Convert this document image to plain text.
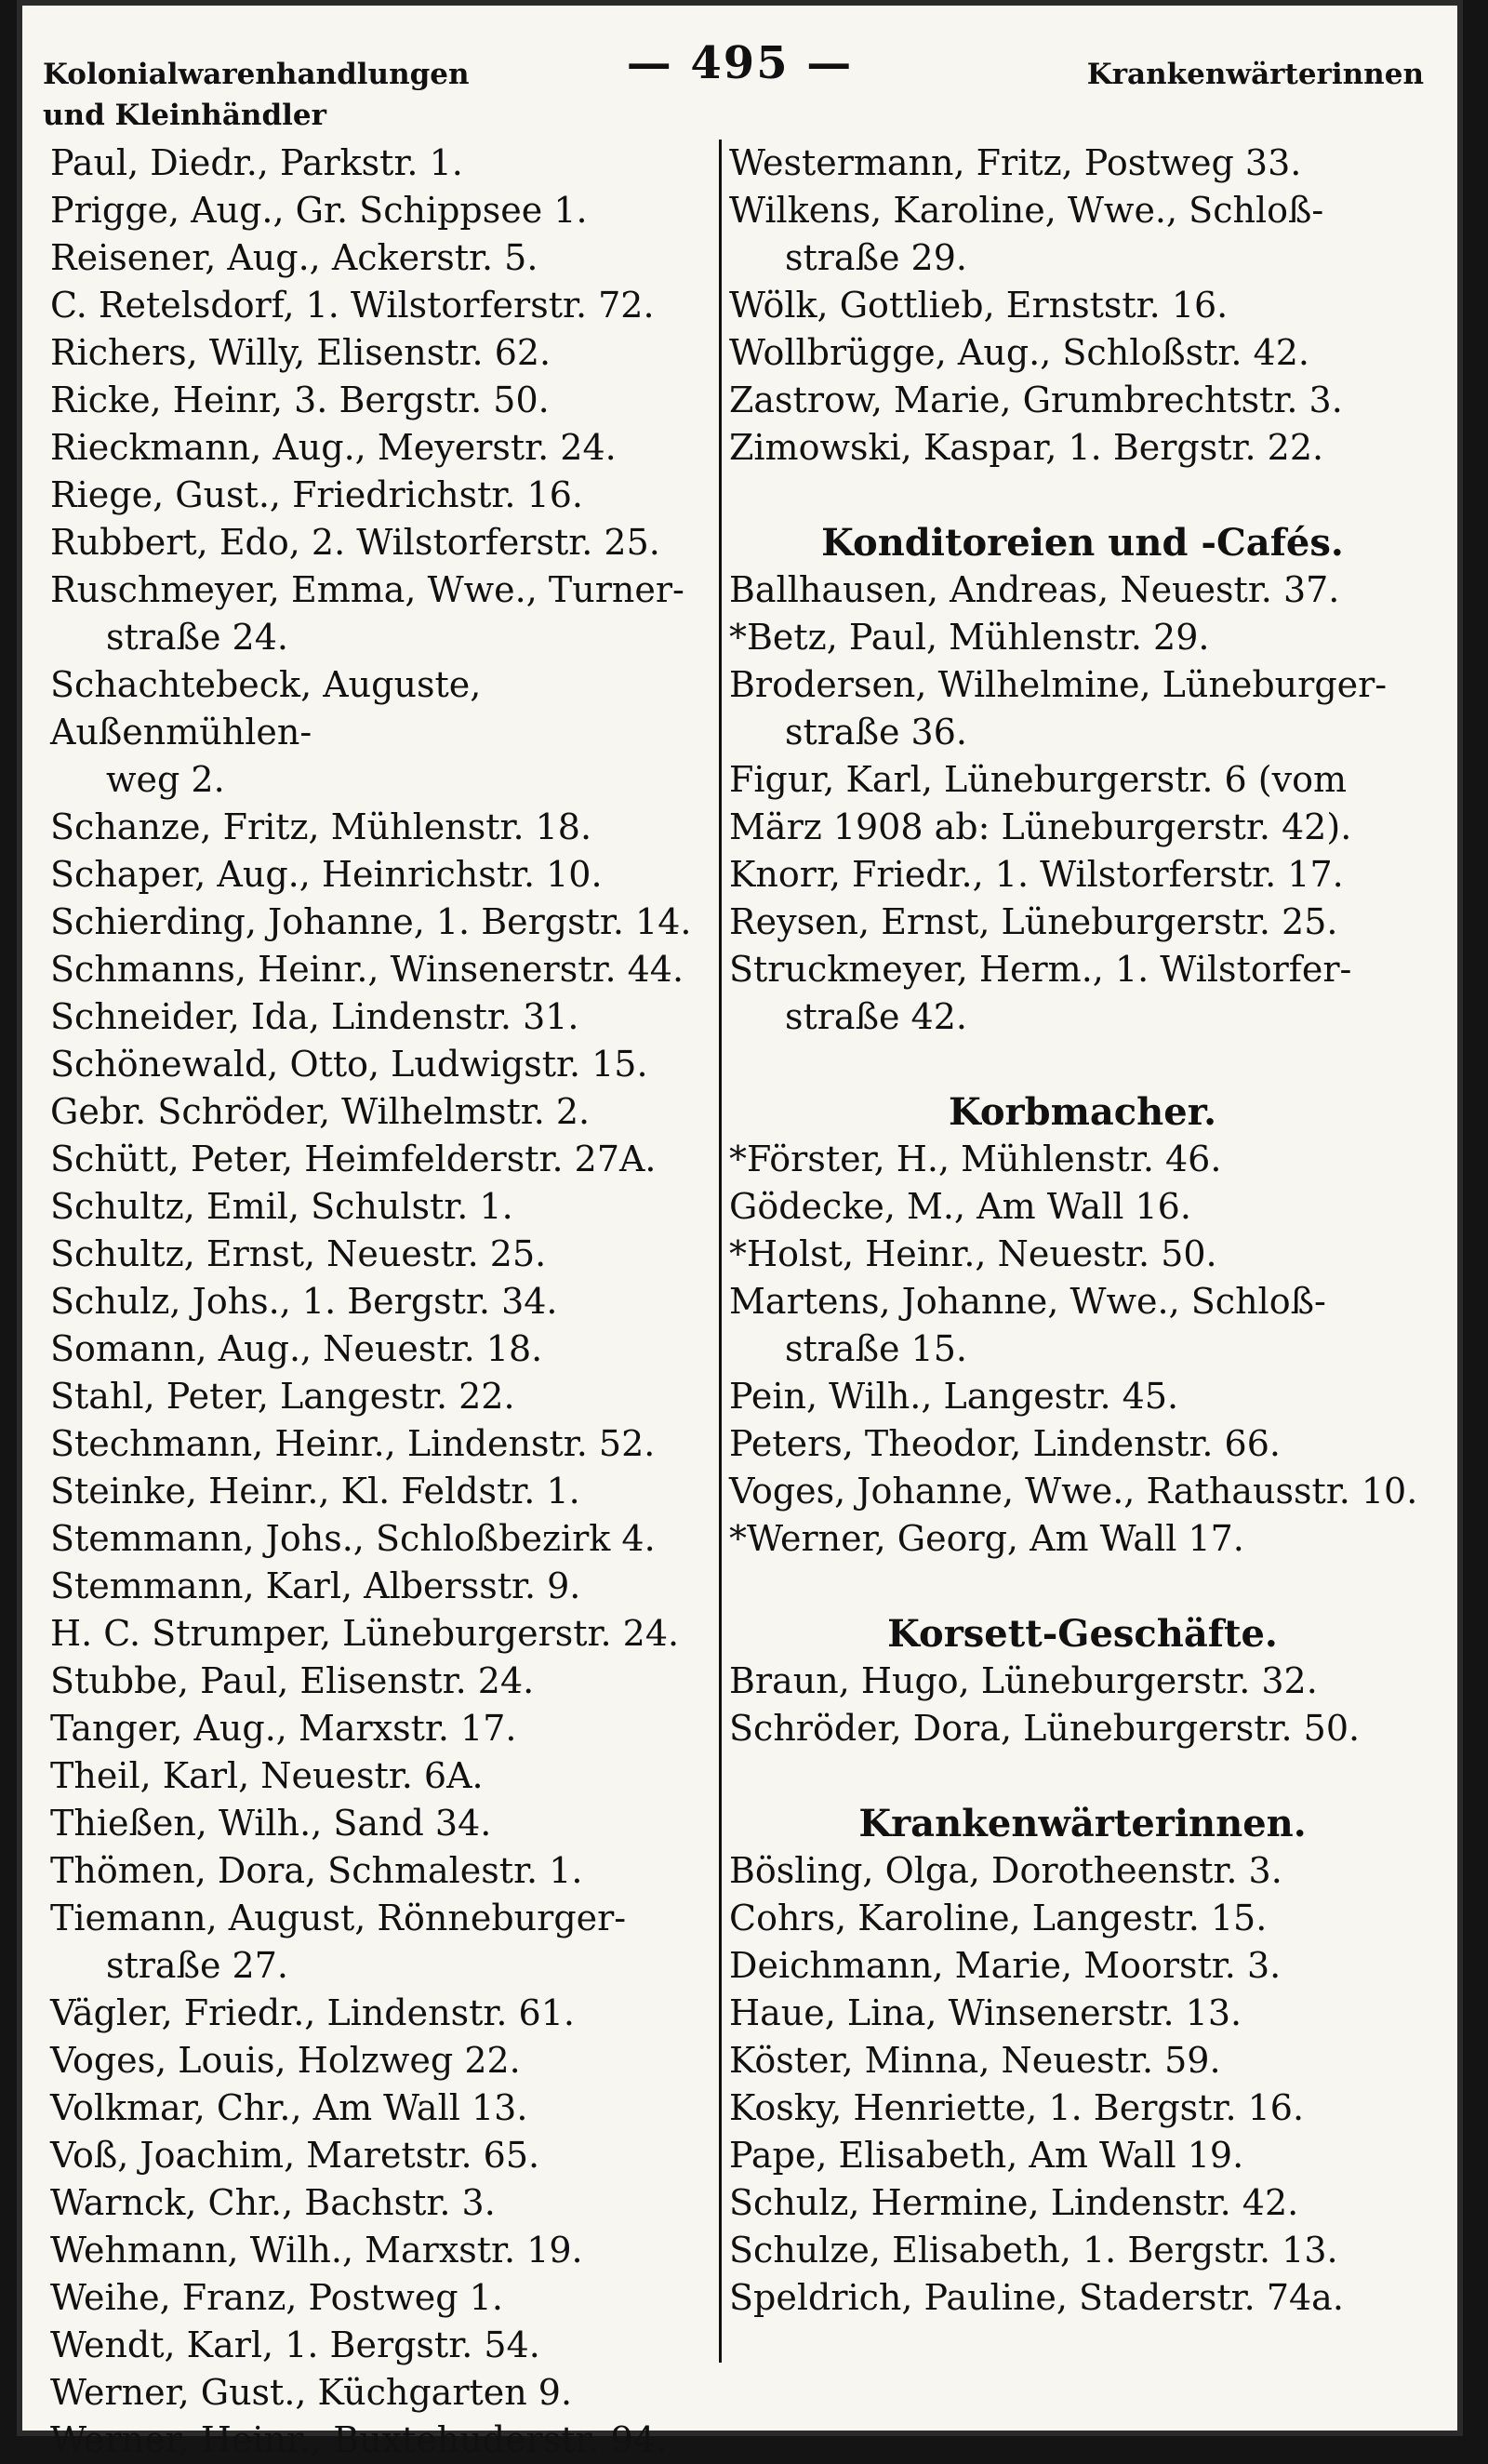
Kolonialwarenhandlungen
und Kleinhändler
— 495 —	Krankenwärterinnen
Paul, Diedr., Parkstr. 1.
Prigge, Aug., Gr. Schippsee 1.
Reisener, Aug., Ackerstr. 5.
C. Retelsdorf, 1. Wilstorferstr. 72.
Richers, Willy, Elisenstr. 62.
Ricke, Heinr, 3. Bergstr. 50.
Rieckmann, Aug., Meyerstr. 24.
Riege, Gust., Friedrichstr. 16.
Rubbert, Edo, 2. Wilstorferstr. 25.
Ruschmeyer, Emma, Wwe., Turner-
straße 24.
Schachtebeck, Auguste, Außenmühlen-
weg 2.
Schanze, Fritz, Mühlenstr. 18.
Schaper, Aug., Heinrichstr. 10.
Schierding, Johanne, 1. Bergstr. 14.
Schmanns, Heinr., Winsenerstr. 44.
Schneider, Ida, Lindenstr. 31.
Schönewald, Otto, Ludwigstr. 15.
Gebr. Schröder, Wilhelmstr. 2.
Schütt, Peter, Heimfelderstr. 27A.
Schultz, Emil, Schulstr. 1.
Schultz, Ernst, Neuestr. 25.
Schulz, Johs., 1. Bergstr. 34.
Somann, Aug., Neuestr. 18.
Stahl, Peter, Langestr. 22.
Stechmann, Heinr., Lindenstr. 52.
Steinke, Heinr., Kl. Feldstr. 1.
Stemmann, Johs., Schloßbezirk 4.
Stemmann, Karl, Albersstr. 9.
H. C. Strumper, Lüneburgerstr. 24.
Stubbe, Paul, Elisenstr. 24.
Tanger, Aug., Marxstr. 17.
Theil, Karl, Neuestr. 6A.
Thießen, Wilh., Sand 34.
Thömen, Dora, Schmalestr. 1.
Tiemann, August, Rönneburger-
straße 27.
Vägler, Friedr., Lindenstr. 61.
Voges, Louis, Holzweg 22.
Volkmar, Chr., Am Wall 13.
Voß, Joachim, Maretstr. 65.
Warnck, Chr., Bachstr. 3.
Wehmann, Wilh., Marxstr. 19.
Weihe, Franz, Postweg 1.
Wendt, Karl, 1. Bergstr. 54.
Werner, Gust., Küchgarten 9.
Werner, Heinr., Buxtehuderstr. 94.
Westermann, Fritz, Postweg 33.
Wilkens, Karoline, Wwe., Schloß-
straße 29.
Wölk, Gottlieb, Ernststr. 16.
Wollbrügge, Aug., Schloßstr. 42.
Zastrow, Marie, Grumbrechtstr. 3.
Zimowski, Kaspar, 1. Bergstr. 22.
Konditoreien und -Cafés.
Ballhausen, Andreas, Neuestr. 37.
*Betz, Paul, Mühlenstr. 29.
Brodersen, Wilhelmine, Lüneburger-
straße 36.
Figur, Karl, Lüneburgerstr. 6 (vom
März 1908 ab: Lüneburgerstr. 42).
Knorr, Friedr., 1. Wilstorferstr. 17.
Reysen, Ernst, Lüneburgerstr. 25.
Struckmeyer, Herm., 1. Wilstorfer-
straße 42.
Korbmacher.
*Förster, H., Mühlenstr. 46.
Gödecke, M., Am Wall 16.
*Holst, Heinr., Neuestr. 50.
Martens, Johanne, Wwe., Schloß-
straße 15.
Pein, Wilh., Langestr. 45.
Peters, Theodor, Lindenstr. 66.
Voges, Johanne, Wwe., Rathausstr. 10.
*Werner, Georg, Am Wall 17.
Korsett-Geschäfte.
Braun, Hugo, Lüneburgerstr. 32.
Schröder, Dora, Lüneburgerstr. 50.
Krankenwärterinnen.
Bösling, Olga, Dorotheenstr. 3.
Cohrs, Karoline, Langestr. 15.
Deichmann, Marie, Moorstr. 3.
Haue, Lina, Winsenerstr. 13.
Köster, Minna, Neuestr. 59.
Kosky, Henriette, 1. Bergstr. 16.
Pape, Elisabeth, Am Wall 19.
Schulz, Hermine, Lindenstr. 42.
Schulze, Elisabeth, 1. Bergstr. 13.
Speldrich, Pauline, Staderstr. 74a.
